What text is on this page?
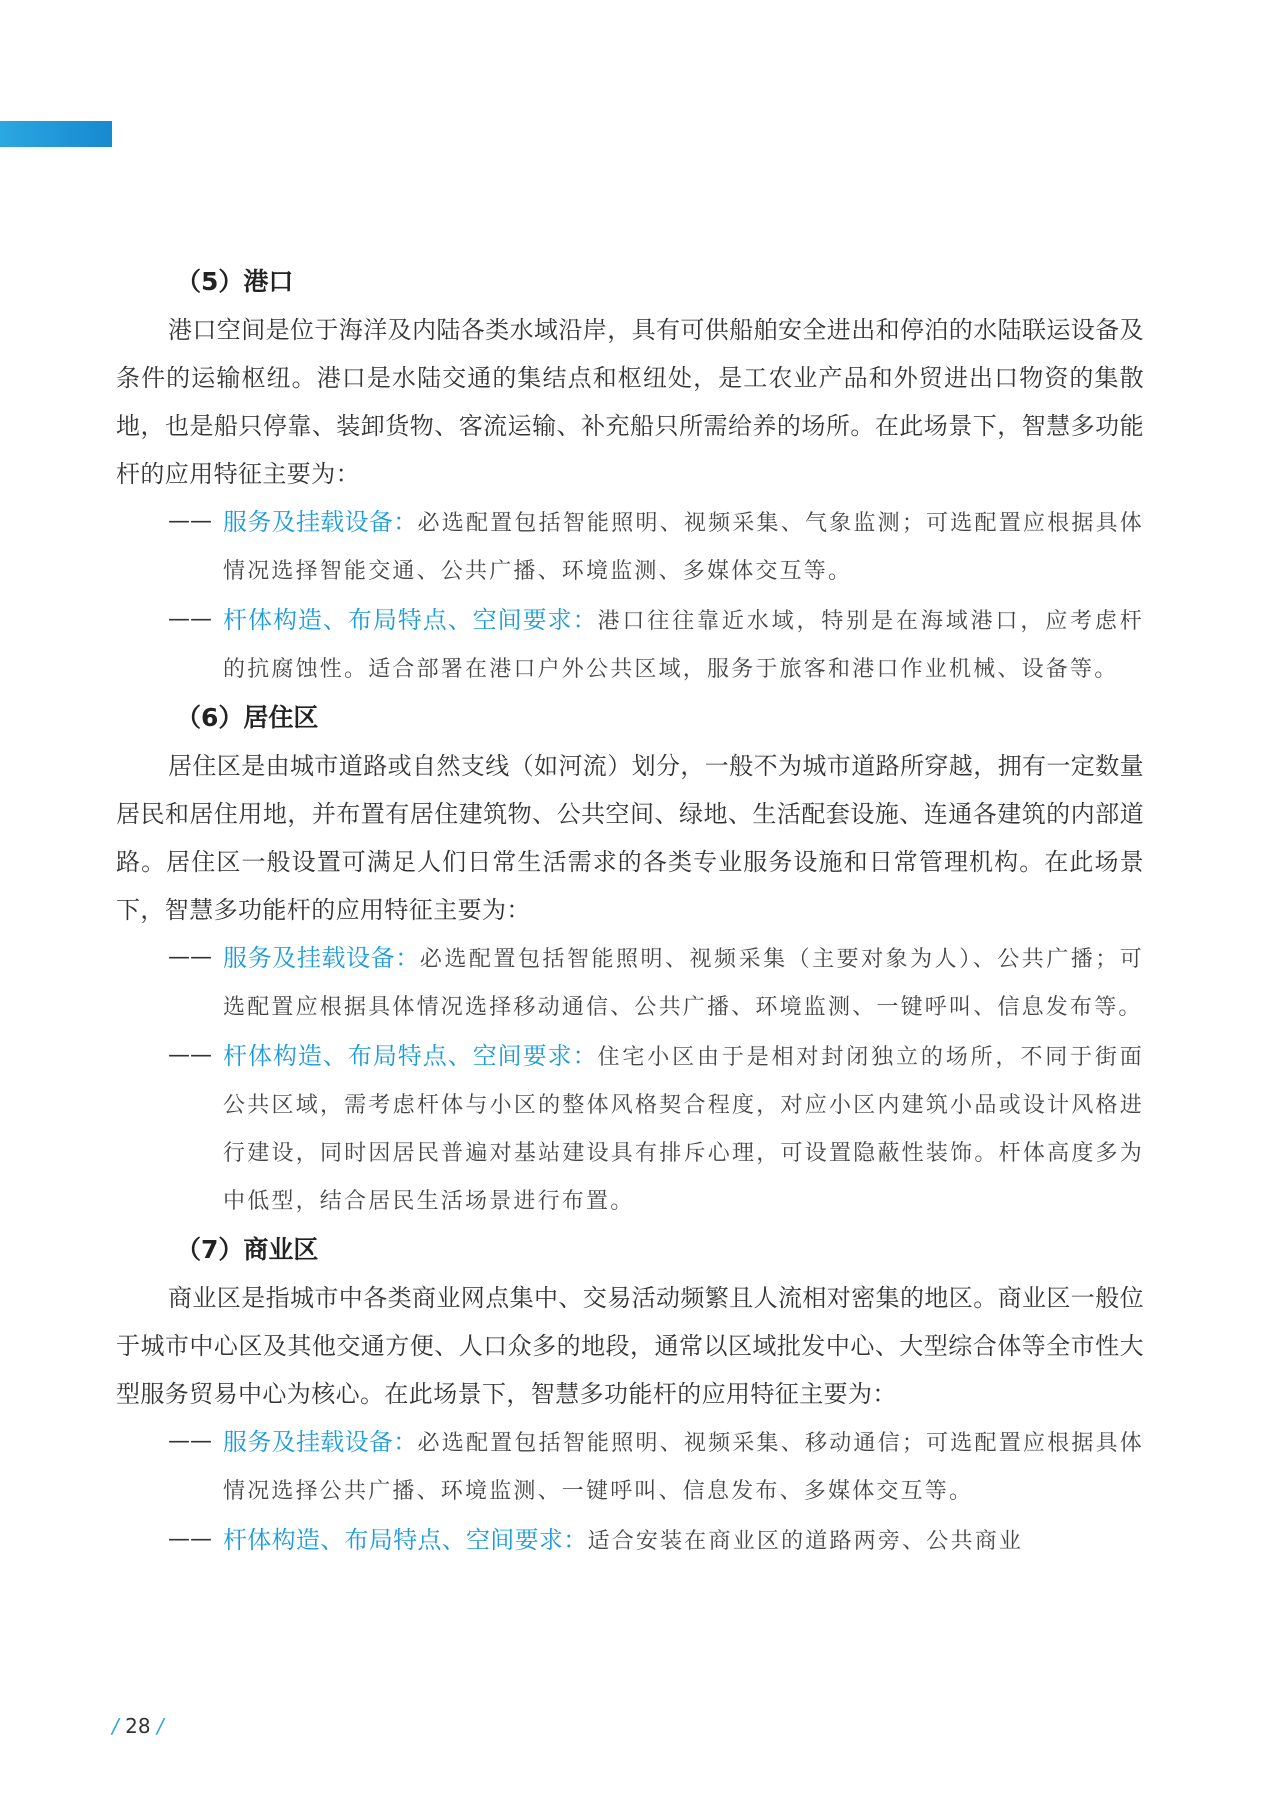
（5）港口
港口空间是位于海洋及内陆各类水域沿岸，具有可供船舶安全进出和停泊的水陆联运设备及条件的运输枢纽。港口是水陆交通的集结点和枢纽处，是工农业产品和外贸进出口物资的集散地，也是船只停靠、装卸货物、客流运输、补充船只所需给养的场所。在此场景下，智慧多功能杆的应用特征主要为：
—— 服务及挂载设备：必选配置包括智能照明、视频采集、气象监测；可选配置应根据具体情况选择智能交通、公共广播、环境监测、多媒体交互等。
—— 杆体构造、布局特点、空间要求：港口往往靠近水域，特别是在海域港口，应考虑杆的抗腐蚀性。适合部署在港口户外公共区域，服务于旅客和港口作业机械、设备等。
（6）居住区
居住区是由城市道路或自然支线（如河流）划分，一般不为城市道路所穿越，拥有一定数量居民和居住用地，并布置有居住建筑物、公共空间、绿地、生活配套设施、连通各建筑的内部道路。居住区一般设置可满足人们日常生活需求的各类专业服务设施和日常管理机构。在此场景下，智慧多功能杆的应用特征主要为：
—— 服务及挂载设备：必选配置包括智能照明、视频采集（主要对象为人）、公共广播；可选配置应根据具体情况选择移动通信、公共广播、环境监测、一键呼叫、信息发布等。
—— 杆体构造、布局特点、空间要求：住宅小区由于是相对封闭独立的场所，不同于街面公共区域，需考虑杆体与小区的整体风格契合程度，对应小区内建筑小品或设计风格进行建设，同时因居民普遍对基站建设具有排斥心理，可设置隐蔽性装饰。杆体高度多为中低型，结合居民生活场景进行布置。
（7）商业区
商业区是指城市中各类商业网点集中、交易活动频繁且人流相对密集的地区。商业区一般位于城市中心区及其他交通方便、人口众多的地段，通常以区域批发中心、大型综合体等全市性大型服务贸易中心为核心。在此场景下，智慧多功能杆的应用特征主要为：
—— 服务及挂载设备：必选配置包括智能照明、视频采集、移动通信；可选配置应根据具体情况选择公共广播、环境监测、一键呼叫、信息发布、多媒体交互等。
—— 杆体构造、布局特点、空间要求：适合安装在商业区的道路两旁、公共商业
/ 28 /
